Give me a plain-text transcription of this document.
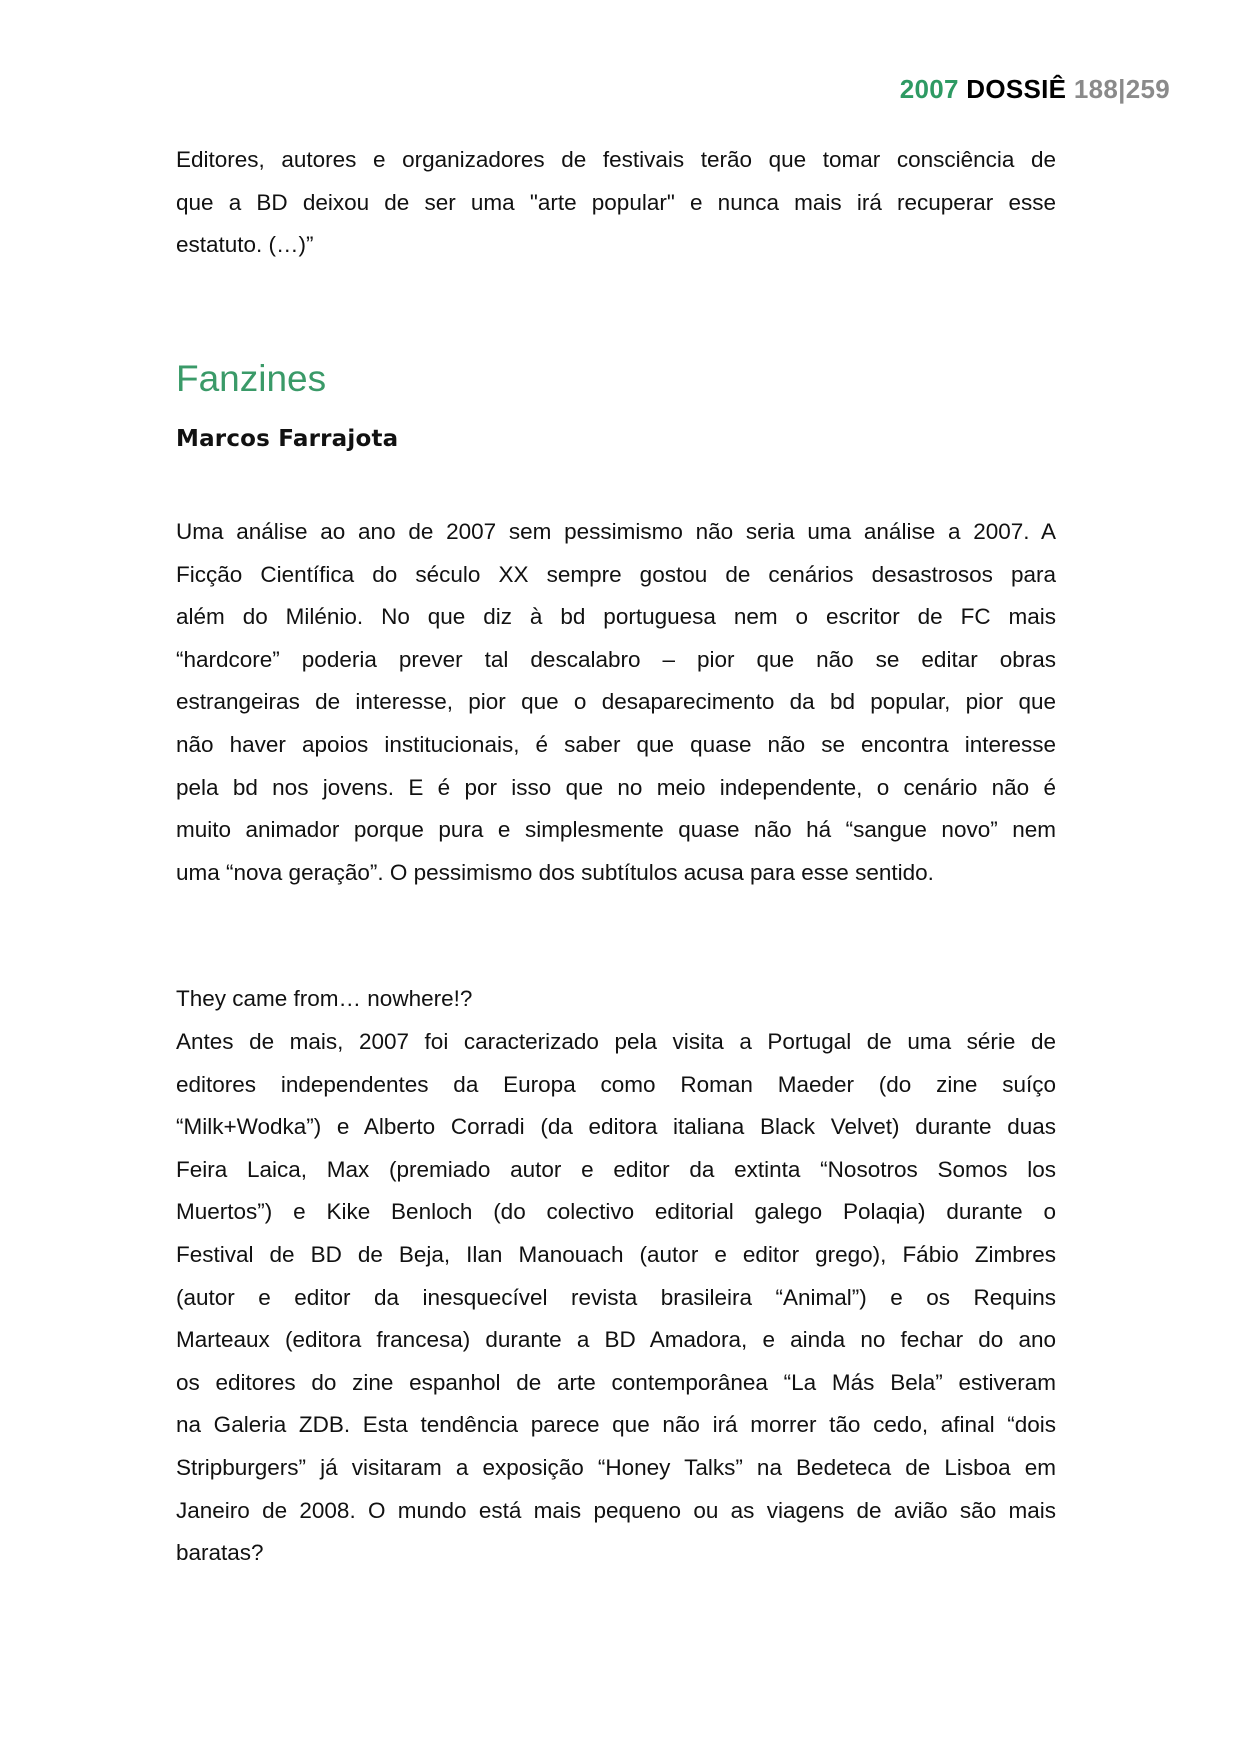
2007 DOSSIÊ 188|259
Editores, autores e organizadores de festivais terão que tomar consciência de
que a BD deixou de ser uma "arte popular" e nunca mais irá recuperar esse
estatuto. (…)”
Fanzines
Marcos Farrajota
Uma análise ao ano de 2007 sem pessimismo não seria uma análise a 2007. A
Ficção Científica do século XX sempre gostou de cenários desastrosos para
além do Milénio. No que diz à bd portuguesa nem o escritor de FC mais
“hardcore” poderia prever tal descalabro – pior que não se editar obras
estrangeiras de interesse, pior que o desaparecimento da bd popular, pior que
não haver apoios institucionais, é saber que quase não se encontra interesse
pela bd nos jovens. E é por isso que no meio independente, o cenário não é
muito animador porque pura e simplesmente quase não há “sangue novo” nem
uma “nova geração”. O pessimismo dos subtítulos acusa para esse sentido.
They came from… nowhere!?
Antes de mais, 2007 foi caracterizado pela visita a Portugal de uma série de
editores independentes da Europa como Roman Maeder (do zine suíço
“Milk+Wodka”) e Alberto Corradi (da editora italiana Black Velvet) durante duas
Feira Laica, Max (premiado autor e editor da extinta “Nosotros Somos los
Muertos”) e Kike Benloch (do colectivo editorial galego Polaqia) durante o
Festival de BD de Beja, Ilan Manouach (autor e editor grego), Fábio Zimbres
(autor e editor da inesquecível revista brasileira “Animal”) e os Requins
Marteaux (editora francesa) durante a BD Amadora, e ainda no fechar do ano
os editores do zine espanhol de arte contemporânea “La Más Bela” estiveram
na Galeria ZDB. Esta tendência parece que não irá morrer tão cedo, afinal “dois
Stripburgers” já visitaram a exposição “Honey Talks” na Bedeteca de Lisboa em
Janeiro de 2008. O mundo está mais pequeno ou as viagens de avião são mais
baratas?
